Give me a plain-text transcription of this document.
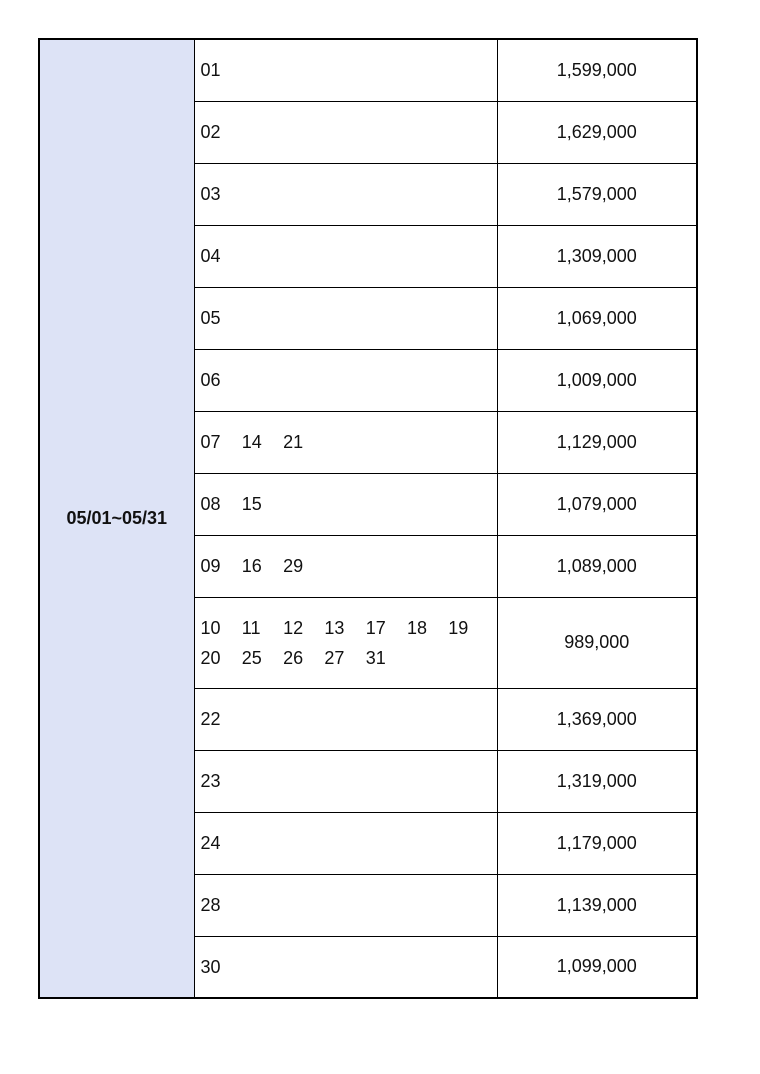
05/01~05/31	01	1,599,000

	02	1,629,000

	03	1,579,000

	04	1,309,000

	05	1,069,000

	06	1,009,000

	07 14 21	1,129,000

	08 15	1,079,000

	09 16 29	1,089,000

	10 11 12 13 17 18 19
20 25 26 27 31	989,000

	22	1,369,000

	23	1,319,000

	24	1,179,000

	28	1,139,000

	30	1,099,000
